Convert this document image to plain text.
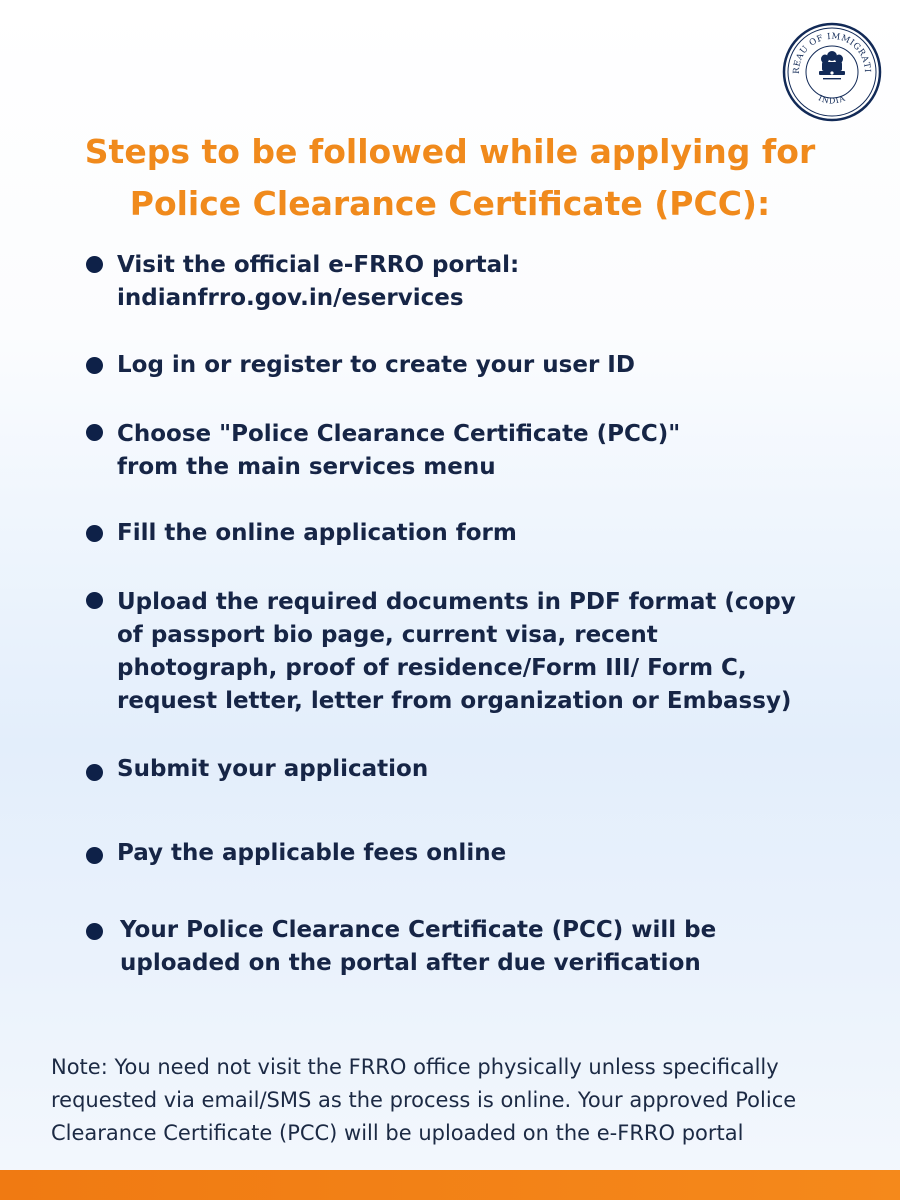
REAU OF IMMIGRATI
INDIA
Steps to be followed while applying for
Police Clearance Certificate (PCC):

Visit the official e-FRRO portal:
indianfrro.gov.in/eservices

Log in or register to create your user ID

Choose "Police Clearance Certificate (PCC)"
from the main services menu

Fill the online application form

Upload the required documents in PDF format (copy
of passport bio page, current visa, recent
photograph, proof of residence/Form III/ Form C,
request letter, letter from organization or Embassy)

Submit your application

Pay the applicable fees online

Your Police Clearance Certificate (PCC) will be
uploaded on the portal after due verification

Note: You need not visit the FRRO office physically unless specifically
requested via email/SMS as the process is online. Your approved Police
Clearance Certificate (PCC) will be uploaded on the e-FRRO portal
